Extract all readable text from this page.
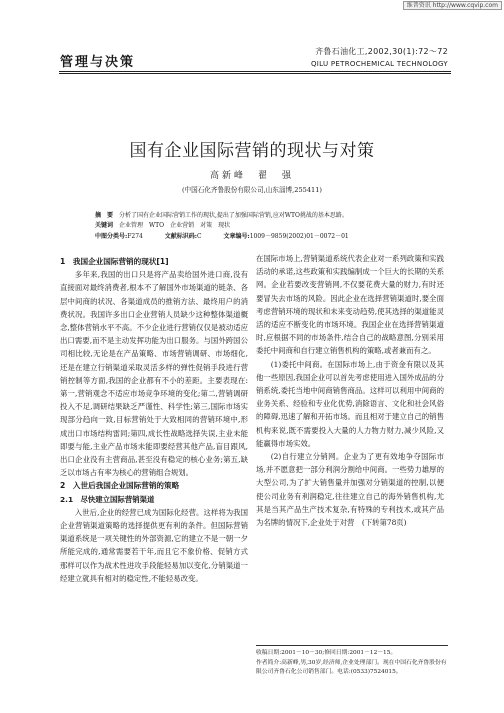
维普资讯 http://www.cqvip.com
管理与决策
齐鲁石油化工,2002,30(1):72～72
QILU PETROCHEMICAL TECHNOLOGY
国有企业国际营销的现状与对策
高新峰　翟　强
(中国石化齐鲁股份有限公司,山东淄博,255411)
摘　要 分析了国有企业国际营销工作的现状,提出了加强国际营销,应对WTO挑战的基本思路。
关键词 企业管理　WTO　企业营销　对策　现状
中图分类号:F274	文献标识码:C	文章编号:1009－9859(2002)01－0072－01
1　我国企业国际营销的现状[1]

多年来,我国的出口只是将产品卖给国外进口商,没有直接面对最终消费者,根本不了解国外市场渠道的链条、各层中间商的状况、各渠道成员的推销方法、最终用户的消费状况。我国许多出口企业营销人员缺少这种整体渠道概念,整体营销水平不高。不少企业进行营销仅仅是被动适应出口需要,而不是主动发挥功能为出口服务。与国外跨国公司相比较,无论是在产品策略、市场营销调研、市场细化,还是在建立行销渠道采取灵活多样的弹性促销手段进行营销控制等方面,我国的企业都有不小的差距。主要表现在:第一,营销观念不适应市场竞争环境的变化;第二,营销调研投入不足,调研结果缺乏严谨性、科学性;第三,国际市场实现部分趋向一致,目标营销处于大致相同的营销环境中,形成出口市场结构雷同;第四,成长性战略选择失误,主业未能即要与能,主业产品市场未能即要经营其他产品,盲目跟风,出口企业没有主营商品,甚至没有稳定的核心业务;第五,缺乏以市场占有率为核心的营销组合规划。

2　入世后我国企业国际营销的策略
2.1　尽快建立国际营销渠道

入世后,企业的经营已成为国际化经营。这样将为我国企业营销渠道策略的选择提供更有利的条件。但国际营销渠道系统是一项关键性的外部资源,它的建立不是一朝一夕所能完成的,通常需要若干年,而且它不象价格、促销方式那样可以作为战术性进攻手段能轻易加以变化,分销渠道一经建立就具有相对的稳定性,不能轻易改变。

在国际市场上,营销渠道系统代表企业对一系列政策和实践活动的承诺,这些政策和实践编制成一个巨大的长期的关系网。企业若要改变营销网,不仅要花费大量的财力,有时还要冒失去市场的风险。因此企业在选择营销渠道时,要全面考虑营销环境的现状和未来变动趋势,使其选择的渠道能灵活的适应不断变化的市场环境。我国企业在选择营销渠道时,应根据不同的市场条件,结合自己的战略意图,分别采用委托中间商和自行建立销售机构的策略,或者兼而有之。

(1)委托中间商。在国际市场上,由于资金有限以及其他一些原因,我国企业可以首先考虑使用进入国外成品的分销系统,委托当地中间商销售商品。这样可以利用中间商的业务关系、经验和专业化优势,消除语言、文化和社会风俗的障碍,迅速了解和开拓市场。而且相对于建立自己的销售机构来说,既不需要投入大量的人力物力财力,减少风险,又能赢得市场实效。

(2)自行建立分销网。企业为了更有效地争夺国际市场,并不愿意把一部分利润分割给中间商。一些势力雄厚的大型公司,为了扩大销售量并加强对分销渠道的控制,以便使公司业务有利润稳定,往往建立自己的海外销售机构,尤其是当其产品生产技术复杂,有特殊的专利技术,或其产品为名牌的情况下,企业处于对营　(下转第78页)

收稿日期:2001－10－30;修回日期:2001－12－15。
作者简介:高新峰,男,30岁,经济师,企业处理部门。现在中国石化齐鲁股份有限公司齐鲁石化公司销售部门。电话:(0533)7524015。
